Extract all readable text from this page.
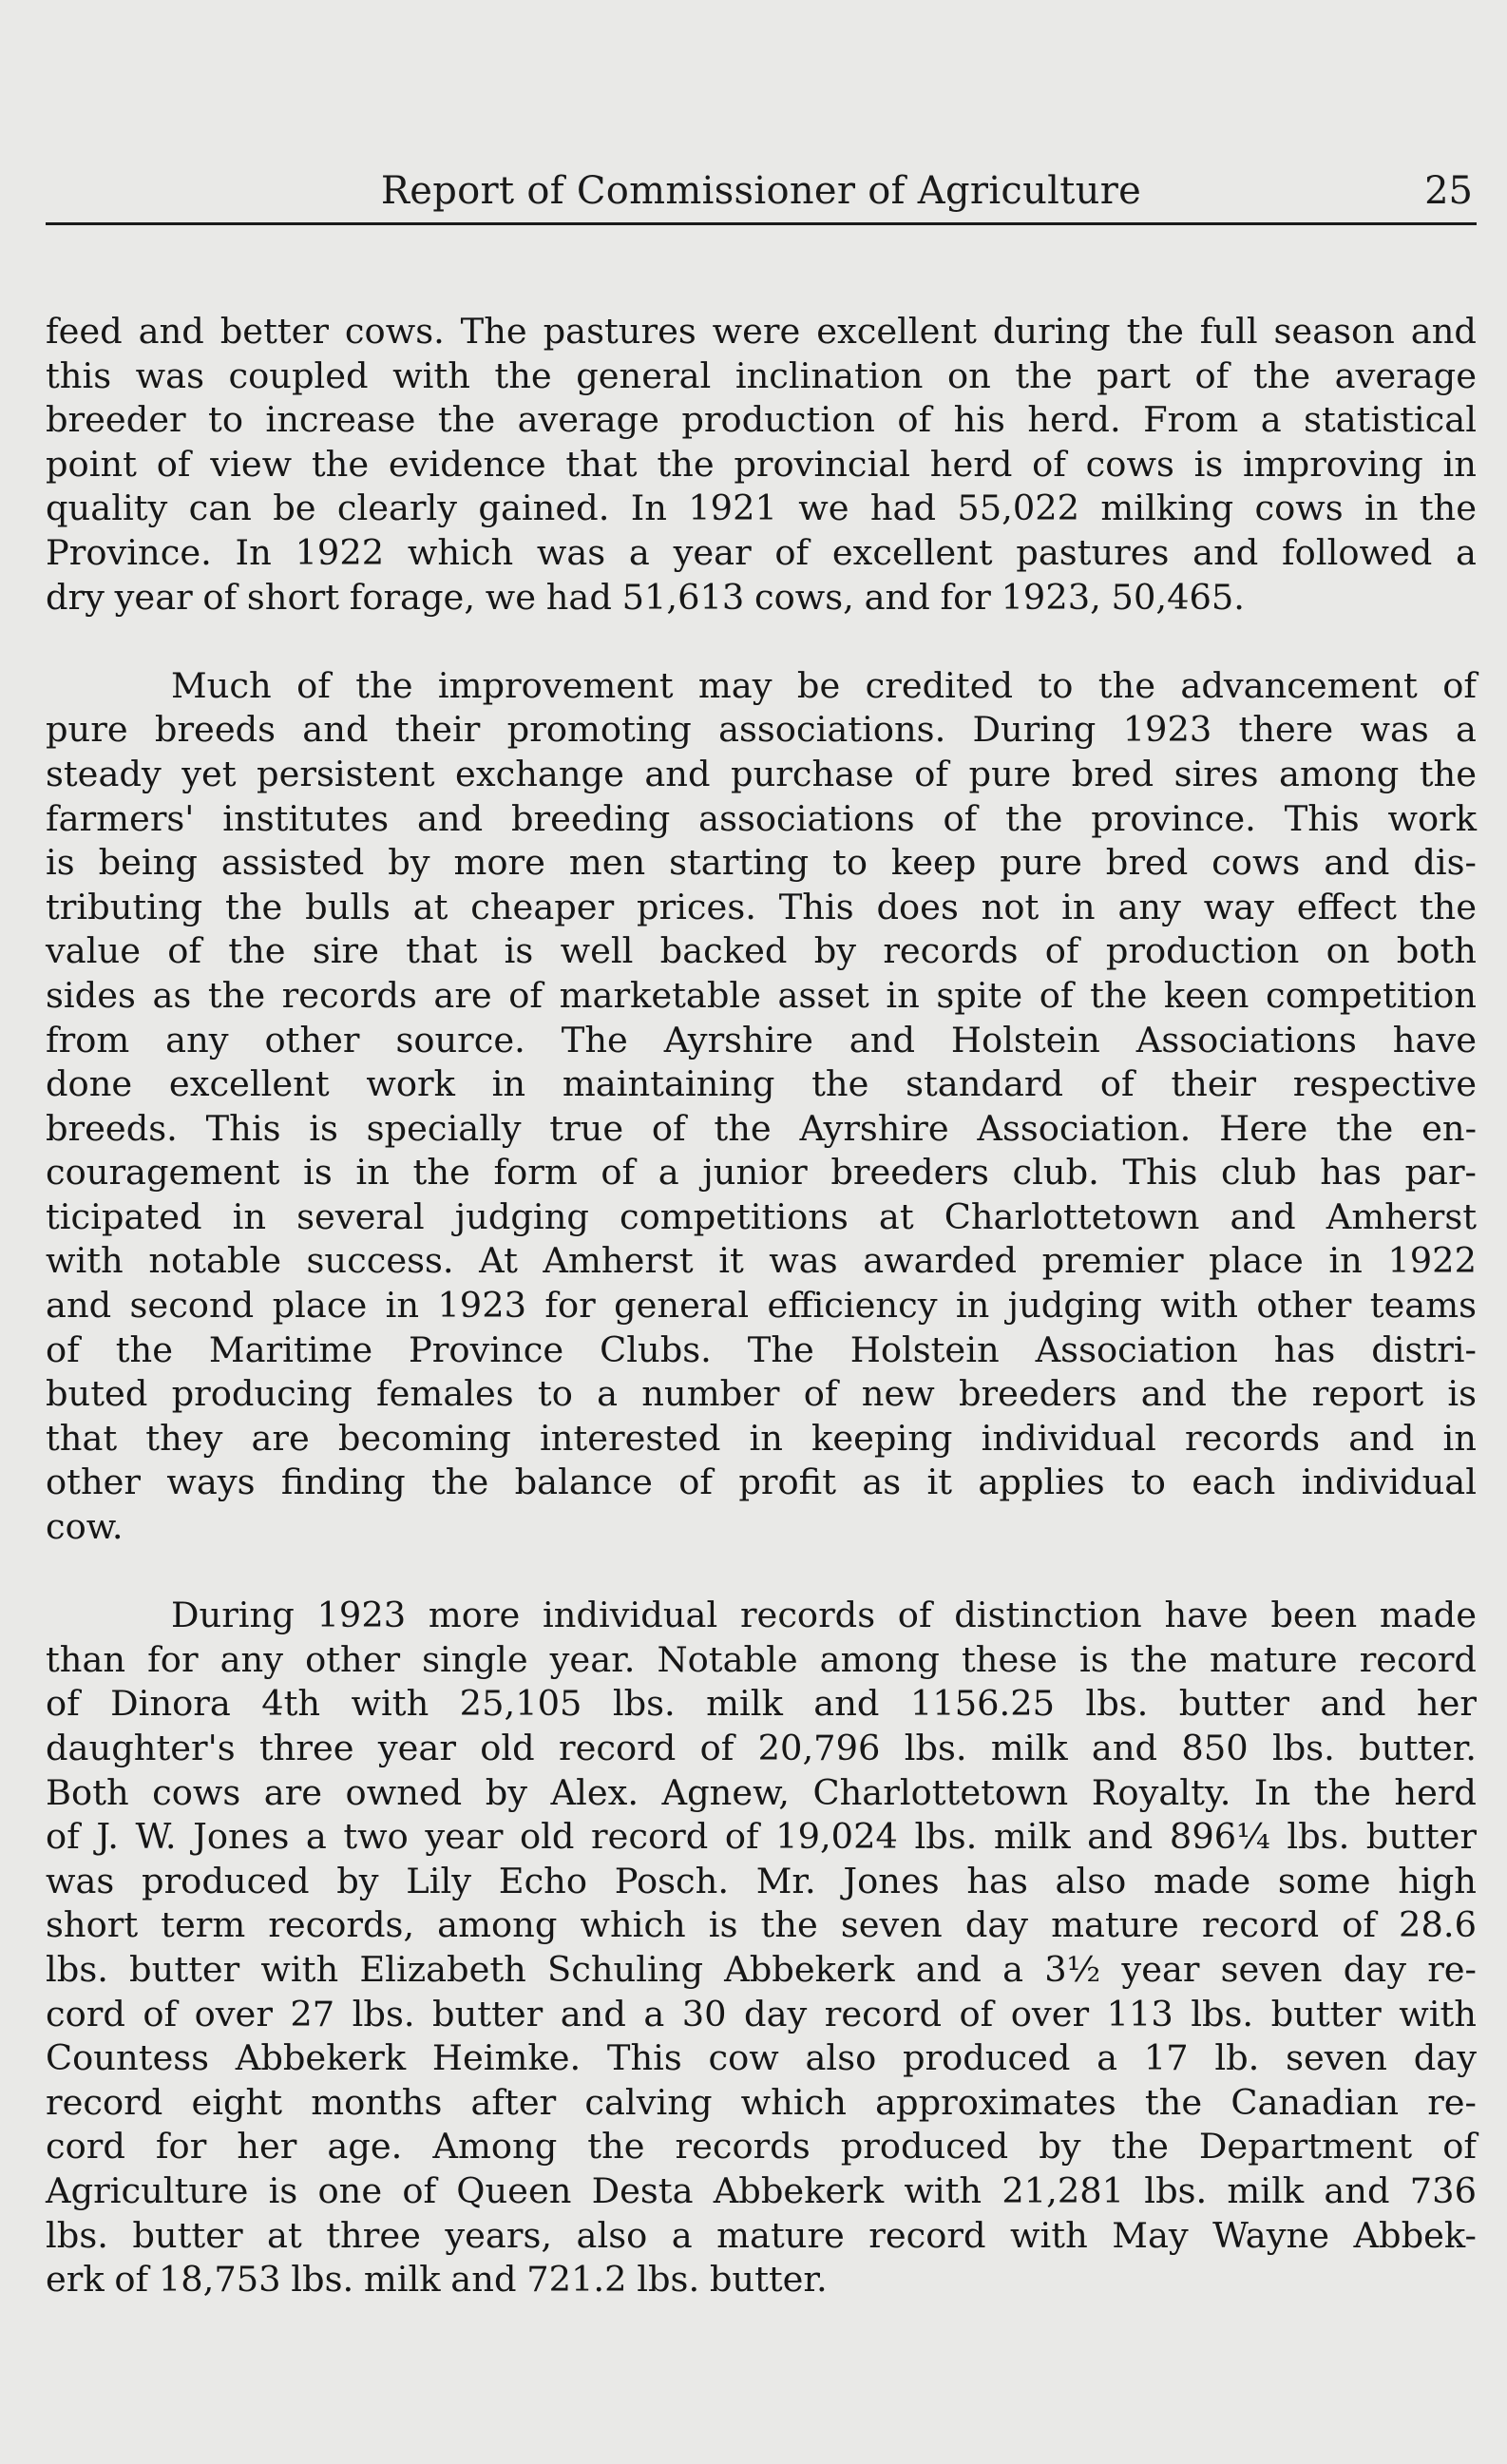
Report of Commissioner of Agriculture	25
feed and better cows. The pastures were excellent during the full season and
this was coupled with the general inclination on the part of the average
breeder to increase the average production of his herd. From a statistical
point of view the evidence that the provincial herd of cows is improving in
quality can be clearly gained. In 1921 we had 55,022 milking cows in the
Province. In 1922 which was a year of excellent pastures and followed a
dry year of short forage, we had 51,613 cows, and for 1923, 50,465.
Much of the improvement may be credited to the advancement of
pure breeds and their promoting associations. During 1923 there was a
steady yet persistent exchange and purchase of pure bred sires among the
farmers' institutes and breeding associations of the province. This work
is being assisted by more men starting to keep pure bred cows and dis-
tributing the bulls at cheaper prices. This does not in any way effect the
value of the sire that is well backed by records of production on both
sides as the records are of marketable asset in spite of the keen competition
from any other source. The Ayrshire and Holstein Associations have
done excellent work in maintaining the standard of their respective
breeds. This is specially true of the Ayrshire Association. Here the en-
couragement is in the form of a junior breeders club. This club has par-
ticipated in several judging competitions at Charlottetown and Amherst
with notable success. At Amherst it was awarded premier place in 1922
and second place in 1923 for general efficiency in judging with other teams
of the Maritime Province Clubs. The Holstein Association has distri-
buted producing females to a number of new breeders and the report is
that they are becoming interested in keeping individual records and in
other ways finding the balance of profit as it applies to each individual
cow.
During 1923 more individual records of distinction have been made
than for any other single year. Notable among these is the mature record
of Dinora 4th with 25,105 lbs. milk and 1156.25 lbs. butter and her
daughter's three year old record of 20,796 lbs. milk and 850 lbs. butter.
Both cows are owned by Alex. Agnew, Charlottetown Royalty. In the herd
of J. W. Jones a two year old record of 19,024 lbs. milk and 896¼ lbs. butter
was produced by Lily Echo Posch. Mr. Jones has also made some high
short term records, among which is the seven day mature record of 28.6
lbs. butter with Elizabeth Schuling Abbekerk and a 3½ year seven day re-
cord of over 27 lbs. butter and a 30 day record of over 113 lbs. butter with
Countess Abbekerk Heimke. This cow also produced a 17 lb. seven day
record eight months after calving which approximates the Canadian re-
cord for her age. Among the records produced by the Department of
Agriculture is one of Queen Desta Abbekerk with 21,281 lbs. milk and 736
lbs. butter at three years, also a mature record with May Wayne Abbek-
erk of 18,753 lbs. milk and 721.2 lbs. butter.
